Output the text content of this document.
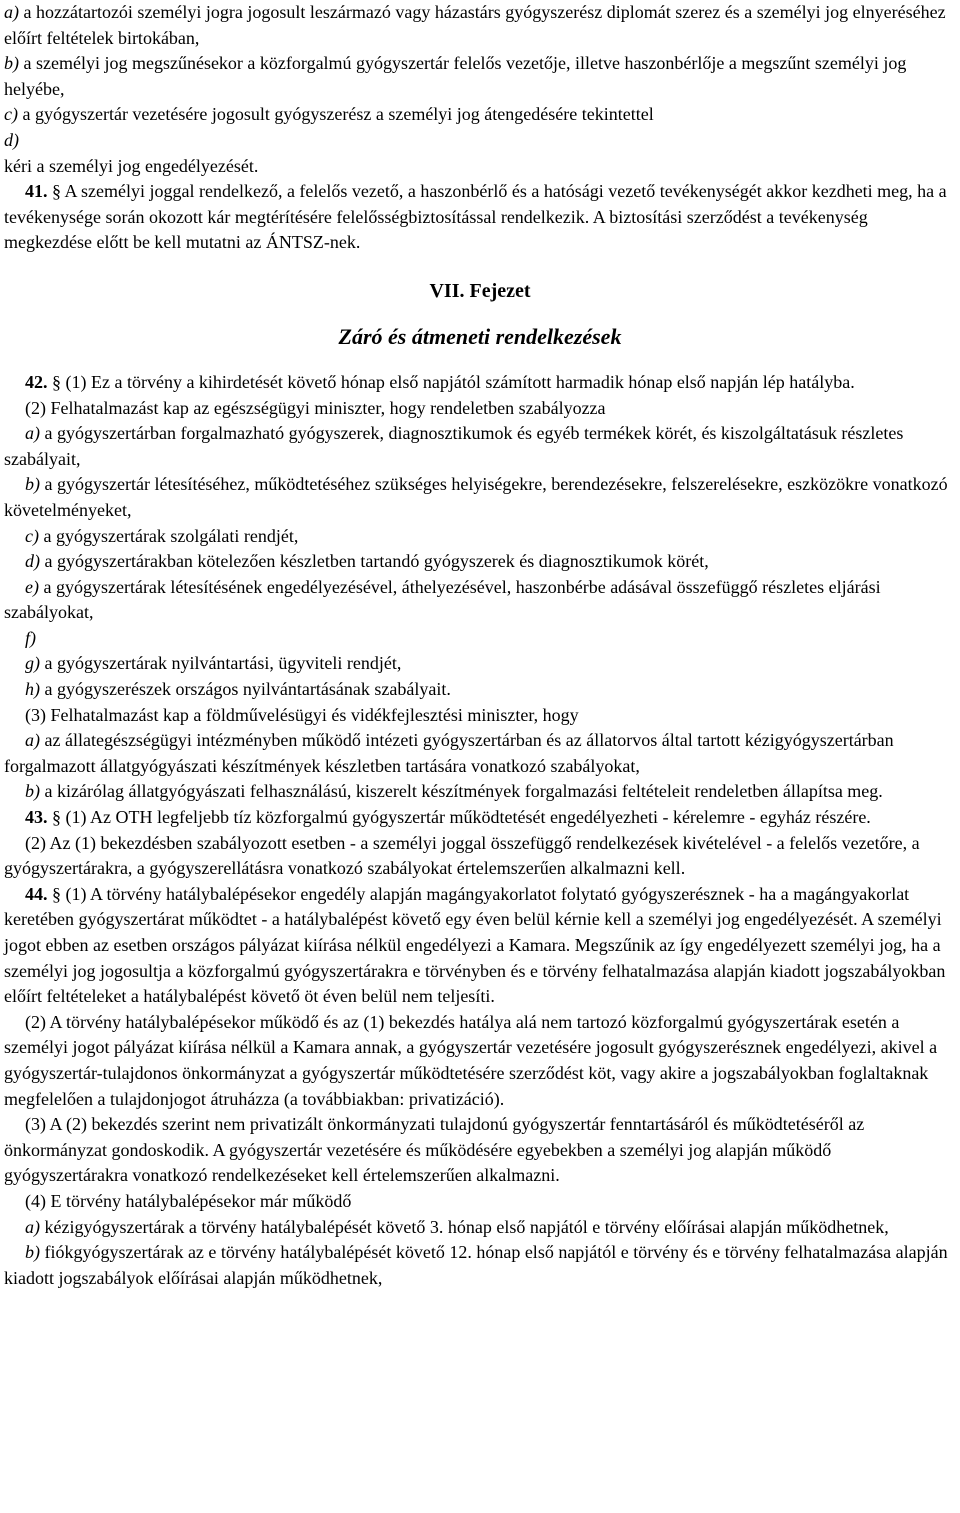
a) a hozzátartozói személyi jogra jogosult leszármazó vagy házastárs gyógyszerész diplomát szerez és a személyi jog elnyeréséhez előírt feltételek birtokában,

b) a személyi jog megszűnésekor a közforgalmú gyógyszertár felelős vezetője, illetve haszonbérlője a megszűnt személyi jog helyébe,

c) a gyógyszertár vezetésére jogosult gyógyszerész a személyi jog átengedésére tekintettel

d)

kéri a személyi jog engedélyezését.

41. § A személyi joggal rendelkező, a felelős vezető, a haszonbérlő és a hatósági vezető tevékenységét akkor kezdheti meg, ha a tevékenysége során okozott kár megtérítésére felelősségbiztosítással rendelkezik. A biztosítási szerződést a tevékenység megkezdése előtt be kell mutatni az ÁNTSZ-nek.

VII. Fejezet

Záró és átmeneti rendelkezések

42. § (1) Ez a törvény a kihirdetését követő hónap első napjától számított harmadik hónap első napján lép hatályba.

(2) Felhatalmazást kap az egészségügyi miniszter, hogy rendeletben szabályozza

a) a gyógyszertárban forgalmazható gyógyszerek, diagnosztikumok és egyéb termékek körét, és kiszolgáltatásuk részletes szabályait,

b) a gyógyszertár létesítéséhez, működtetéséhez szükséges helyiségekre, berendezésekre, felszerelésekre, eszközökre vonatkozó követelményeket,

c) a gyógyszertárak szolgálati rendjét,

d) a gyógyszertárakban kötelezően készletben tartandó gyógyszerek és diagnosztikumok körét,

e) a gyógyszertárak létesítésének engedélyezésével, áthelyezésével, haszonbérbe adásával összefüggő részletes eljárási szabályokat,

f)

g) a gyógyszertárak nyilvántartási, ügyviteli rendjét,

h) a gyógyszerészek országos nyilvántartásának szabályait.

(3) Felhatalmazást kap a földművelésügyi és vidékfejlesztési miniszter, hogy

a) az állategészségügyi intézményben működő intézeti gyógyszertárban és az állatorvos által tartott kézigyógyszertárban forgalmazott állatgyógyászati készítmények készletben tartására vonatkozó szabályokat,

b) a kizárólag állatgyógyászati felhasználású, kiszerelt készítmények forgalmazási feltételeit rendeletben állapítsa meg.

43. § (1) Az OTH legfeljebb tíz közforgalmú gyógyszertár működtetését engedélyezheti - kérelemre - egyház részére.

(2) Az (1) bekezdésben szabályozott esetben - a személyi joggal összefüggő rendelkezések kivételével - a felelős vezetőre, a gyógyszertárakra, a gyógyszerellátásra vonatkozó szabályokat értelemszerűen alkalmazni kell.

44. § (1) A törvény hatálybalépésekor engedély alapján magángyakorlatot folytató gyógyszerésznek - ha a magángyakorlat keretében gyógyszertárat működtet - a hatálybalépést követő egy éven belül kérnie kell a személyi jog engedélyezését. A személyi jogot ebben az esetben országos pályázat kiírása nélkül engedélyezi a Kamara. Megszűnik az így engedélyezett személyi jog, ha a személyi jog jogosultja a közforgalmú gyógyszertárakra e törvényben és e törvény felhatalmazása alapján kiadott jogszabályokban előírt feltételeket a hatálybalépést követő öt éven belül nem teljesíti.

(2) A törvény hatálybalépésekor működő és az (1) bekezdés hatálya alá nem tartozó közforgalmú gyógyszertárak esetén a személyi jogot pályázat kiírása nélkül a Kamara annak, a gyógyszertár vezetésére jogosult gyógyszerésznek engedélyezi, akivel a gyógyszertár-tulajdonos önkormányzat a gyógyszertár működtetésére szerződést köt, vagy akire a jogszabályokban foglaltaknak megfelelően a tulajdonjogot átruházza (a továbbiakban: privatizáció).

(3) A (2) bekezdés szerint nem privatizált önkormányzati tulajdonú gyógyszertár fenntartásáról és működtetéséről az önkormányzat gondoskodik. A gyógyszertár vezetésére és működésére egyebekben a személyi jog alapján működő gyógyszertárakra vonatkozó rendelkezéseket kell értelemszerűen alkalmazni.

(4) E törvény hatálybalépésekor már működő

a) kézigyógyszertárak a törvény hatálybalépését követő 3. hónap első napjától e törvény előírásai alapján működhetnek,

b) fiókgyógyszertárak az e törvény hatálybalépését követő 12. hónap első napjától e törvény és e törvény felhatalmazása alapján kiadott jogszabályok előírásai alapján működhetnek,
